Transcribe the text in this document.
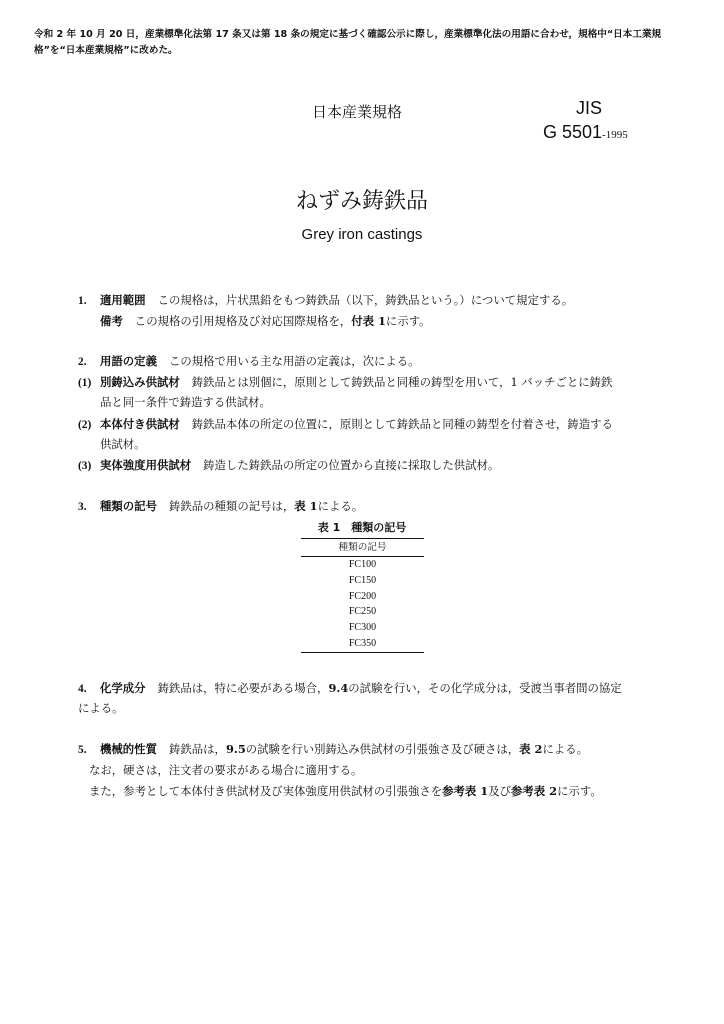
令和 2 年 10 月 20 日，産業標準化法第 17 条又は第 18 条の規定に基づく確認公示に際し，産業標準化法の用語に合わせ，規格中“日本工業規格”を“日本産業規格”に改めた。
日本産業規格	JIS
G 5501-1995
ねずみ鋳鉄品
Grey iron castings
1. 適用範囲 この規格は，片状黒鉛をもつ鋳鉄品（以下，鋳鉄品という。）について規定する。
備考 この規格の引用規格及び対応国際規格を，付表 1に示す。
2. 用語の定義 この規格で用いる主な用語の定義は，次による。
(1) 別鋳込み供試材 鋳鉄品とは別個に，原則として鋳鉄品と同種の鋳型を用いて，1 バッチごとに鋳鉄
品と同一条件で鋳造する供試材。
(2) 本体付き供試材 鋳鉄品本体の所定の位置に，原則として鋳鉄品と同種の鋳型を付着させ，鋳造する
供試材。
(3) 実体強度用供試材 鋳造した鋳鉄品の所定の位置から直接に採取した供試材。
3. 種類の記号 鋳鉄品の種類の記号は，表 1による。
表 1　種類の記号
種類の記号
FC100
FC150
FC200
FC250
FC300
FC350
4. 化学成分 鋳鉄品は，特に必要がある場合，9.4の試験を行い，その化学成分は，受渡当事者間の協定
による。
5. 機械的性質 鋳鉄品は，9.5の試験を行い別鋳込み供試材の引張強さ及び硬さは，表 2による。
なお，硬さは，注文者の要求がある場合に適用する。
また，参考として本体付き供試材及び実体強度用供試材の引張強さを参考表 1及び参考表 2に示す。
